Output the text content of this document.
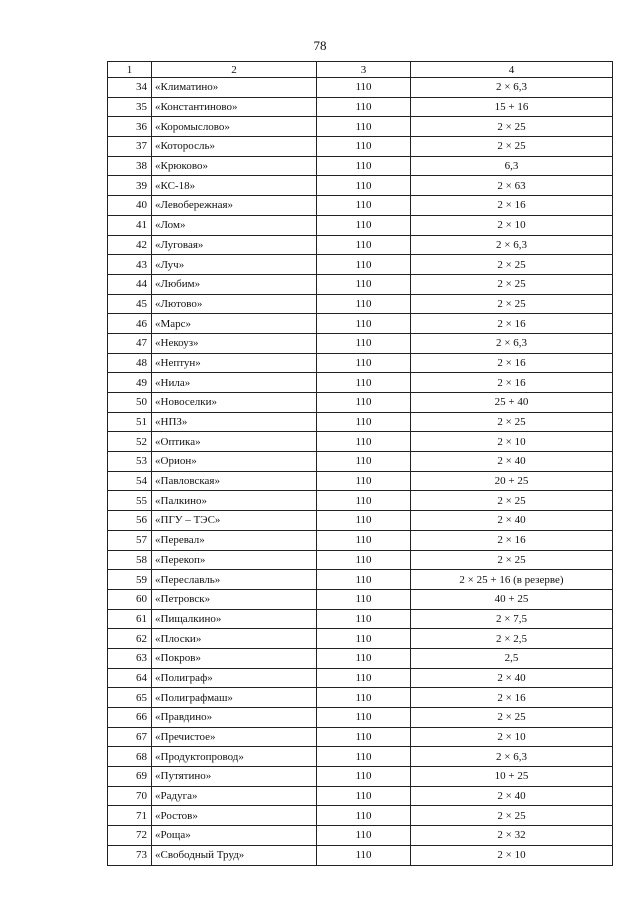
78
1	2	3	4
34	«Климатино»	110	2 × 6,3
35	«Константиново»	110	15 + 16
36	«Коромыслово»	110	2 × 25
37	«Которосль»	110	2 × 25
38	«Крюково»	110	6,3
39	«КС-18»	110	2 × 63
40	«Левобережная»	110	2 × 16
41	«Лом»	110	2 × 10
42	«Луговая»	110	2 × 6,3
43	«Луч»	110	2 × 25
44	«Любим»	110	2 × 25
45	«Лютово»	110	2 × 25
46	«Марс»	110	2 × 16
47	«Некоуз»	110	2 × 6,3
48	«Нептун»	110	2 × 16
49	«Нила»	110	2 × 16
50	«Новоселки»	110	25 + 40
51	«НПЗ»	110	2 × 25
52	«Оптика»	110	2 × 10
53	«Орион»	110	2 × 40
54	«Павловская»	110	20 + 25
55	«Палкино»	110	2 × 25
56	«ПГУ – ТЭС»	110	2 × 40
57	«Перевал»	110	2 × 16
58	«Перекоп»	110	2 × 25
59	«Переславль»	110	2 × 25 + 16 (в резерве)
60	«Петровск»	110	40 + 25
61	«Пищалкино»	110	2 × 7,5
62	«Плоски»	110	2 × 2,5
63	«Покров»	110	2,5
64	«Полиграф»	110	2 × 40
65	«Полиграфмаш»	110	2 × 16
66	«Правдино»	110	2 × 25
67	«Пречистое»	110	2 × 10
68	«Продуктопровод»	110	2 × 6,3
69	«Путятино»	110	10 + 25
70	«Радуга»	110	2 × 40
71	«Ростов»	110	2 × 25
72	«Роща»	110	2 × 32
73	«Свободный Труд»	110	2 × 10
